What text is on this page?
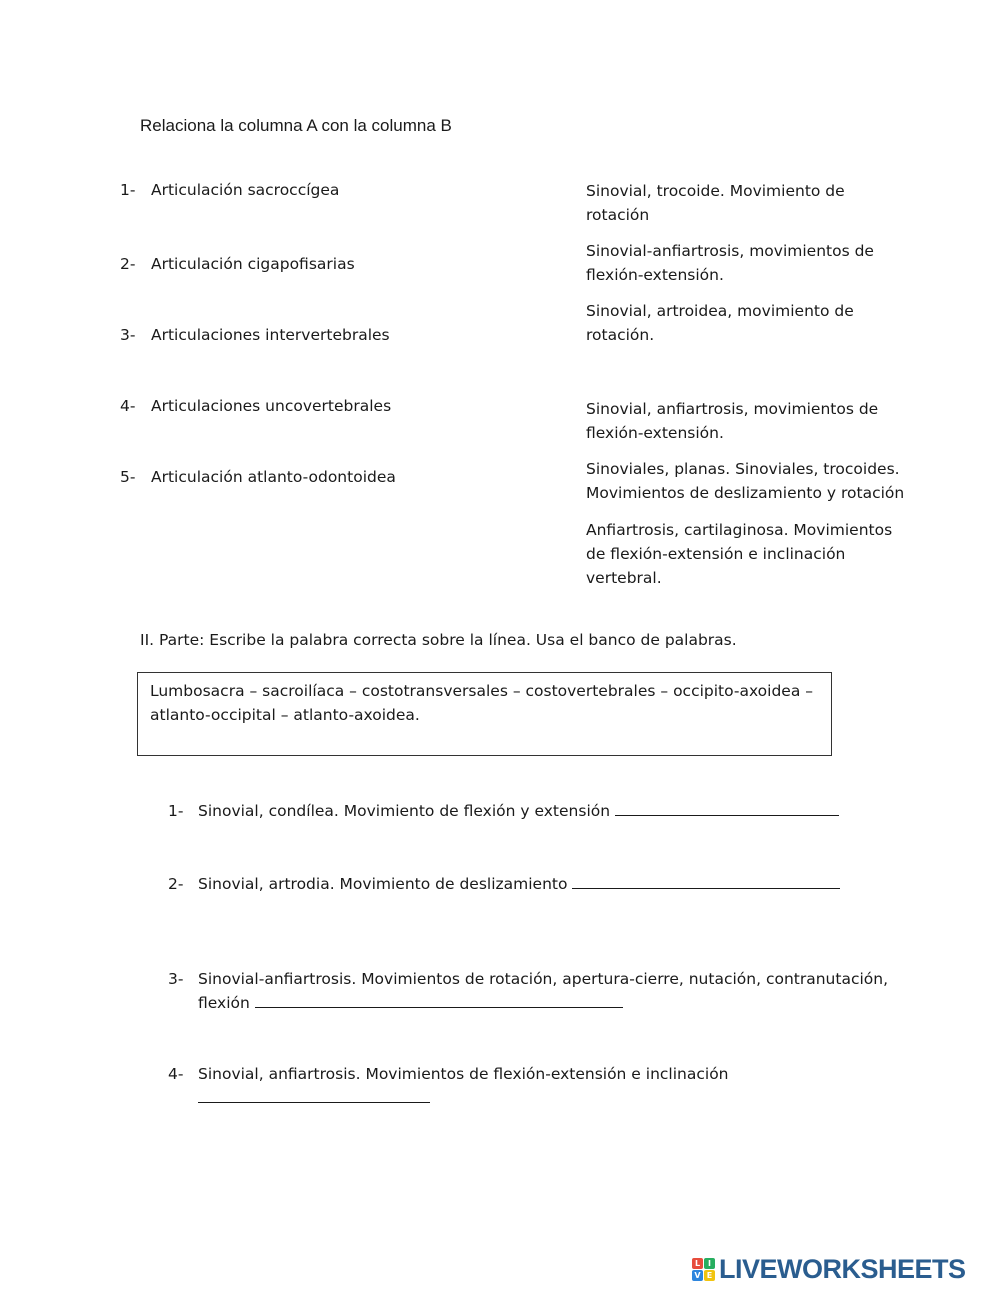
Relaciona la columna A con la columna B
1- Articulación sacroccígea
2- Articulación cigapofisarias
3- Articulaciones intervertebrales
4- Articulaciones uncovertebrales
5- Articulación atlanto-odontoidea
Sinovial, trocoide. Movimiento de
rotación
Sinovial-anfiartrosis, movimientos de
flexión-extensión.
Sinovial, artroidea, movimiento de
rotación.
Sinovial, anfiartrosis, movimientos de
flexión-extensión.
Sinoviales, planas. Sinoviales, trocoides.
Movimientos de deslizamiento y rotación
Anfiartrosis, cartilaginosa. Movimientos
de flexión-extensión e inclinación
vertebral.
II. Parte: Escribe la palabra correcta sobre la línea. Usa el banco de palabras.
Lumbosacra – sacroilíaca – costotransversales – costovertebrales – occipito-axoidea –
atlanto-occipital – atlanto-axoidea.
1- Sinovial, condílea. Movimiento de flexión y extensión
2- Sinovial, artrodia. Movimiento de deslizamiento
3- Sinovial-anfiartrosis. Movimientos de rotación, apertura-cierre, nutación, contranutación,
flexión
4- Sinovial, anfiartrosis. Movimientos de flexión-extensión e inclinación
L I
V E LIVEWORKSHEETS
